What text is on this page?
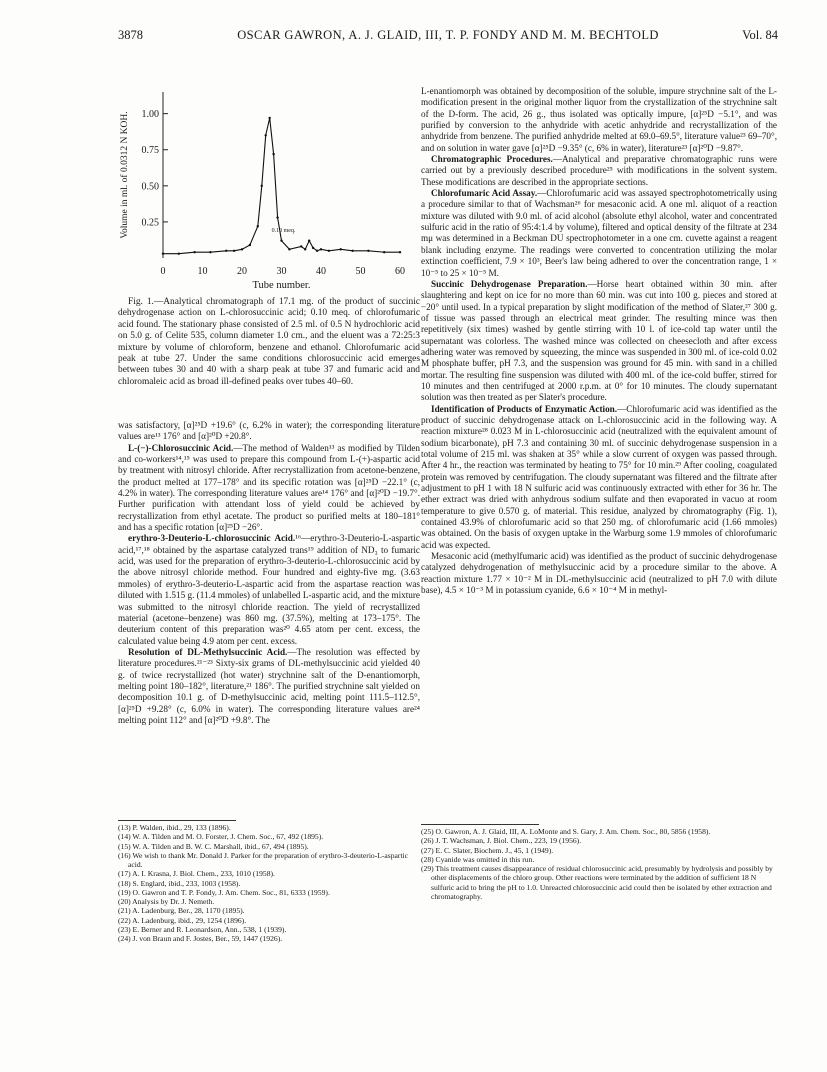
3878	OSCAR GAWRON, A. J. GLAID, III, T. P. FONDY AND M. M. BECHTOLD	Vol. 84
0	10	20	30	40	50	60
0.25
0.50
0.75
1.00
Tube number.
Volume in ml. of 0.0312 N KOH.	0.10 meq.

Fig. 1.—Analytical chromatograph of 17.1 mg. of the product of succinic dehydrogenase action on L-chlorosuccinic acid; 0.10 meq. of chlorofumaric acid found. The stationary phase consisted of 2.5 ml. of 0.5 N hydrochloric acid on 5.0 g. of Celite 535, column diameter 1.0 cm., and the eluent was a 72:25:3 mixture by volume of chloroform, benzene and ethanol. Chlorofumaric acid peak at tube 27. Under the same conditions chlorosuccinic acid emerges between tubes 30 and 40 with a sharp peak at tube 37 and fumaric acid and chloromaleic acid as broad ill-defined peaks over tubes 40–60.

was satisfactory, [α]²⁵D +19.6° (c, 6.2% in water); the corresponding literature values are¹³ 176° and [α]²⁰D +20.8°.

L-(−)-Chlorosuccinic Acid.—The method of Walden¹³ as modified by Tilden and co-workers¹⁴,¹⁵ was used to prepare this compound from L-(+)-aspartic acid by treatment with nitrosyl chloride. After recrystallization from acetone-benzene, the product melted at 177–178° and its specific rotation was [α]²⁵D −22.1° (c, 4.2% in water). The corresponding literature values are¹⁴ 176° and [α]²⁰D −19.7°. Further purification with attendant loss of yield could be achieved by recrystallization from ethyl acetate. The product so purified melts at 180–181° and has a specific rotation [α]²⁵D −26°.

erythro-3-Deuterio-L-chlorosuccinic Acid.¹⁶—erythro-3-Deuterio-L-aspartic acid,¹⁷,¹⁸ obtained by the aspartase catalyzed trans¹⁹ addition of ND₃ to fumaric acid, was used for the preparation of erythro-3-deuterio-L-chlorosuccinic acid by the above nitrosyl chloride method. Four hundred and eighty-five mg. (3.63 mmoles) of erythro-3-deuterio-L-aspartic acid from the aspartase reaction was diluted with 1.515 g. (11.4 mmoles) of unlabelled L-aspartic acid, and the mixture was submitted to the nitrosyl chloride reaction. The yield of recrystallized material (acetone–benzene) was 860 mg. (37.5%), melting at 173–175°. The deuterium content of this preparation was²⁰ 4.65 atom per cent. excess, the calculated value being 4.9 atom per cent. excess.

Resolution of DL-Methylsuccinic Acid.—The resolution was effected by literature procedures.²¹⁻²³ Sixty-six grams of DL-methylsuccinic acid yielded 40 g. of twice recrystallized (hot water) strychnine salt of the D-enantiomorph, melting point 180–182°, literature,²¹ 186°. The purified strychnine salt yielded on decomposition 10.1 g. of D-methylsuccinic acid, melting point 111.5–112.5°, [α]²⁵D +9.28° (c, 6.0% in water). The corresponding literature values are²⁴ melting point 112° and [α]²⁰D +9.8°. The

L-enantiomorph was obtained by decomposition of the soluble, impure strychnine salt of the L-modification present in the original mother liquor from the crystallization of the strychnine salt of the D-form. The acid, 26 g., thus isolated was optically impure, [α]²⁵D −5.1°, and was purified by conversion to the anhydride with acetic anhydride and recrystallization of the anhydride from benzene. The purified anhydride melted at 69.0–69.5°, literature value²³ 69–70°, and on solution in water gave [α]²⁵D −9.35° (c, 6% in water), literature²³ [α]²⁰D −9.87°.

Chromatographic Procedures.—Analytical and preparative chromatographic runs were carried out by a previously described procedure²⁵ with modifications in the solvent system. These modifications are described in the appropriate sections.

Chlorofumaric Acid Assay.—Chlorofumaric acid was assayed spectrophotometrically using a procedure similar to that of Wachsman²⁶ for mesaconic acid. A one ml. aliquot of a reaction mixture was diluted with 9.0 ml. of acid alcohol (absolute ethyl alcohol, water and concentrated sulfuric acid in the ratio of 95:4:1.4 by volume), filtered and optical density of the filtrate at 234 mμ was determined in a Beckman DU spectrophotometer in a one cm. cuvette against a reagent blank including enzyme. The readings were converted to concentration utilizing the molar extinction coefficient, 7.9 × 10³, Beer's law being adhered to over the concentration range, 1 × 10⁻⁵ to 25 × 10⁻⁵ M.

Succinic Dehydrogenase Preparation.—Horse heart obtained within 30 min. after slaughtering and kept on ice for no more than 60 min. was cut into 100 g. pieces and stored at −20° until used. In a typical preparation by slight modification of the method of Slater,²⁷ 300 g. of tissue was passed through an electrical meat grinder. The resulting mince was then repetitively (six times) washed by gentle stirring with 10 l. of ice-cold tap water until the supernatant was colorless. The washed mince was collected on cheesecloth and after excess adhering water was removed by squeezing, the mince was suspended in 300 ml. of ice-cold 0.02 M phosphate buffer, pH 7.3, and the suspension was ground for 45 min. with sand in a chilled mortar. The resulting fine suspension was diluted with 400 ml. of the ice-cold buffer, stirred for 10 minutes and then centrifuged at 2000 r.p.m. at 0° for 10 minutes. The cloudy supernatant solution was then treated as per Slater's procedure.

Identification of Products of Enzymatic Action.—Chlorofumaric acid was identified as the product of succinic dehydrogenase attack on L-chlorosuccinic acid in the following way. A reaction mixture²⁸ 0.023 M in L-chlorosuccinic acid (neutralized with the equivalent amount of sodium bicarbonate), pH 7.3 and containing 30 ml. of succinic dehydrogenase suspension in a total volume of 215 ml. was shaken at 35° while a slow current of oxygen was passed through. After 4 hr., the reaction was terminated by heating to 75° for 10 min.²⁹ After cooling, coagulated protein was removed by centrifugation. The cloudy supernatant was filtered and the filtrate after adjustment to pH 1 with 18 N sulfuric acid was continuously extracted with ether for 36 hr. The ether extract was dried with anhydrous sodium sulfate and then evaporated in vacuo at room temperature to give 0.570 g. of material. This residue, analyzed by chromatography (Fig. 1), contained 43.9% of chlorofumaric acid so that 250 mg. of chlorofumaric acid (1.66 mmoles) was obtained. On the basis of oxygen uptake in the Warburg some 1.9 mmoles of chlorofumaric acid was expected.

Mesaconic acid (methylfumaric acid) was identified as the product of succinic dehydrogenase catalyzed dehydrogenation of methylsuccinic acid by a procedure similar to the above. A reaction mixture 1.77 × 10⁻² M in DL-methylsuccinic acid (neutralized to pH 7.0 with dilute base), 4.5 × 10⁻³ M in potassium cyanide, 6.6 × 10⁻⁴ M in methyl-

(13) P. Walden, ibid., 29, 133 (1896).
(14) W. A. Tilden and M. O. Forster, J. Chem. Soc., 67, 492 (1895).
(15) W. A. Tilden and B. W. C. Marshall, ibid., 67, 494 (1895).
(16) We wish to thank Mr. Donald J. Parker for the preparation of erythro-3-deuterio-L-aspartic acid.
(17) A. I. Krasna, J. Biol. Chem., 233, 1010 (1958).
(18) S. Englard, ibid., 233, 1003 (1958).
(19) O. Gawron and T. P. Fondy, J. Am. Chem. Soc., 81, 6333 (1959).
(20) Analysis by Dr. J. Nemeth.
(21) A. Ladenburg, Ber., 28, 1170 (1895).
(22) A. Ladenburg, ibid., 29, 1254 (1896).
(23) E. Berner and R. Leonardson, Ann., 538, 1 (1939).
(24) J. von Braun and F. Jostes, Ber., 59, 1447 (1926).
(25) O. Gawron, A. J. Glaid, III, A. LoMonte and S. Gary, J. Am. Chem. Soc., 80, 5856 (1958).
(26) J. T. Wachsman, J. Biol. Chem., 223, 19 (1956).
(27) E. C. Slater, Biochem. J., 45, 1 (1949).
(28) Cyanide was omitted in this run.
(29) This treatment causes disappearance of residual chlorosuccinic acid, presumably by hydrolysis and possibly by other displacements of the chloro group. Other reactions were terminated by the addition of sufficient 18 N sulfuric acid to bring the pH to 1.0. Unreacted chlorosuccinic acid could then be isolated by ether extraction and chromatography.
